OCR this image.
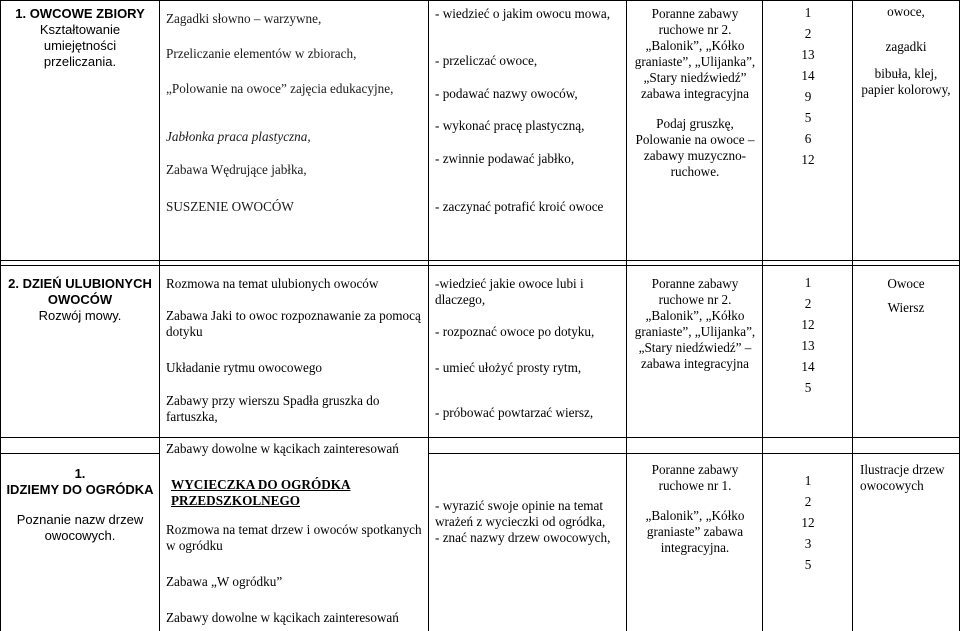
1. OWCOWE ZBIORY
Kształtowanie umiejętności przeliczania.
Zagadki słowno – warzywne,
Przeliczanie elementów w zbiorach,
„Polowanie na owoce” zajęcia edukacyjne,
Jabłonka praca plastyczna,
Zabawa Wędrujące jabłka,
SUSZENIE OWOCÓW
- wiedzieć o jakim owocu mowa,
- przeliczać owoce,
- podawać nazwy owoców,
- wykonać pracę plastyczną,
- zwinnie podawać jabłko,
- zaczynać potrafić kroić owoce
Poranne zabawy ruchowe nr 2. „Balonik”, „Kółko graniaste”, „Ulijanka”, „Stary niedźwiedź” zabawa integracyjna
Podaj gruszkę, Polowanie na owoce – zabawy muzyczno-ruchowe.
1
2
13
14
9
5
6
12
owoce,
zagadki
bibuła, klej, papier kolorowy,
2. DZIEŃ ULUBIONYCH OWOCÓW
Rozwój mowy.
Rozmowa na temat ulubionych owoców
Zabawa Jaki to owoc rozpoznawanie za pomocą dotyku
Układanie rytmu owocowego
Zabawy przy wierszu Spadła gruszka do fartuszka,
-wiedzieć jakie owoce lubi i dlaczego,
- rozpoznać owoce po dotyku,
- umieć ułożyć prosty rytm,
- próbować powtarzać wiersz,
Poranne zabawy ruchowe nr 2. „Balonik”, „Kółko graniaste”, „Ulijanka”, „Stary niedźwiedź” – zabawa integracyjna
1
2
12
13
14
5
Owoce
Wiersz
1.
IDZIEMY DO OGRÓDKA
Poznanie nazw drzew owocowych.
Zabawy dowolne w kącikach zainteresowań
WYCIECZKA DO OGRÓDKA PRZEDSZKOLNEGO
Rozmowa na temat drzew i owoców spotkanych w ogródku
Zabawa „W ogródku”
Zabawy dowolne w kącikach zainteresowań
- wyrazić swoje opinie na temat wrażeń z wycieczki od ogródka,
- znać nazwy drzew owocowych,
Poranne zabawy ruchowe nr 1.
„Balonik”, „Kółko graniaste” zabawa integracyjna.
1
2
12
3
5
Ilustracje drzew owocowych
